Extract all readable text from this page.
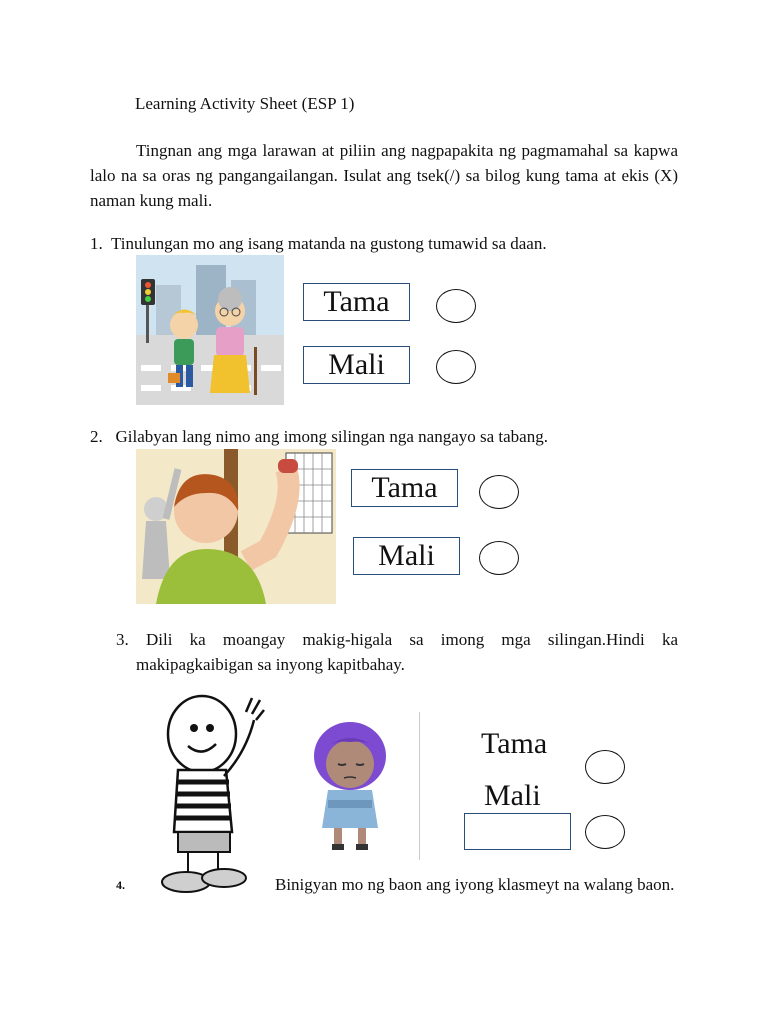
Learning Activity Sheet (ESP 1)

Tingnan ang mga larawan at piliin ang nagpapakita ng pagmamahal sa kapwa lalo na sa oras ng pangangailangan. Isulat ang tsek(/) sa bilog kung tama at ekis (X) naman kung mali.

1. Tinulungan mo ang isang matanda na gustong tumawid sa daan.
Tama
Mali
2. Gilabyan lang nimo ang imong silingan nga nangayo sa tabang.
Tama
Mali
3. Dili ka moangay makig-higala sa imong mga silingan.Hindi ka makipagkaibigan sa inyong kapitbahay.
Tama
Mali
4.	Binigyan mo ng baon ang iyong klasmeyt na walang baon.
